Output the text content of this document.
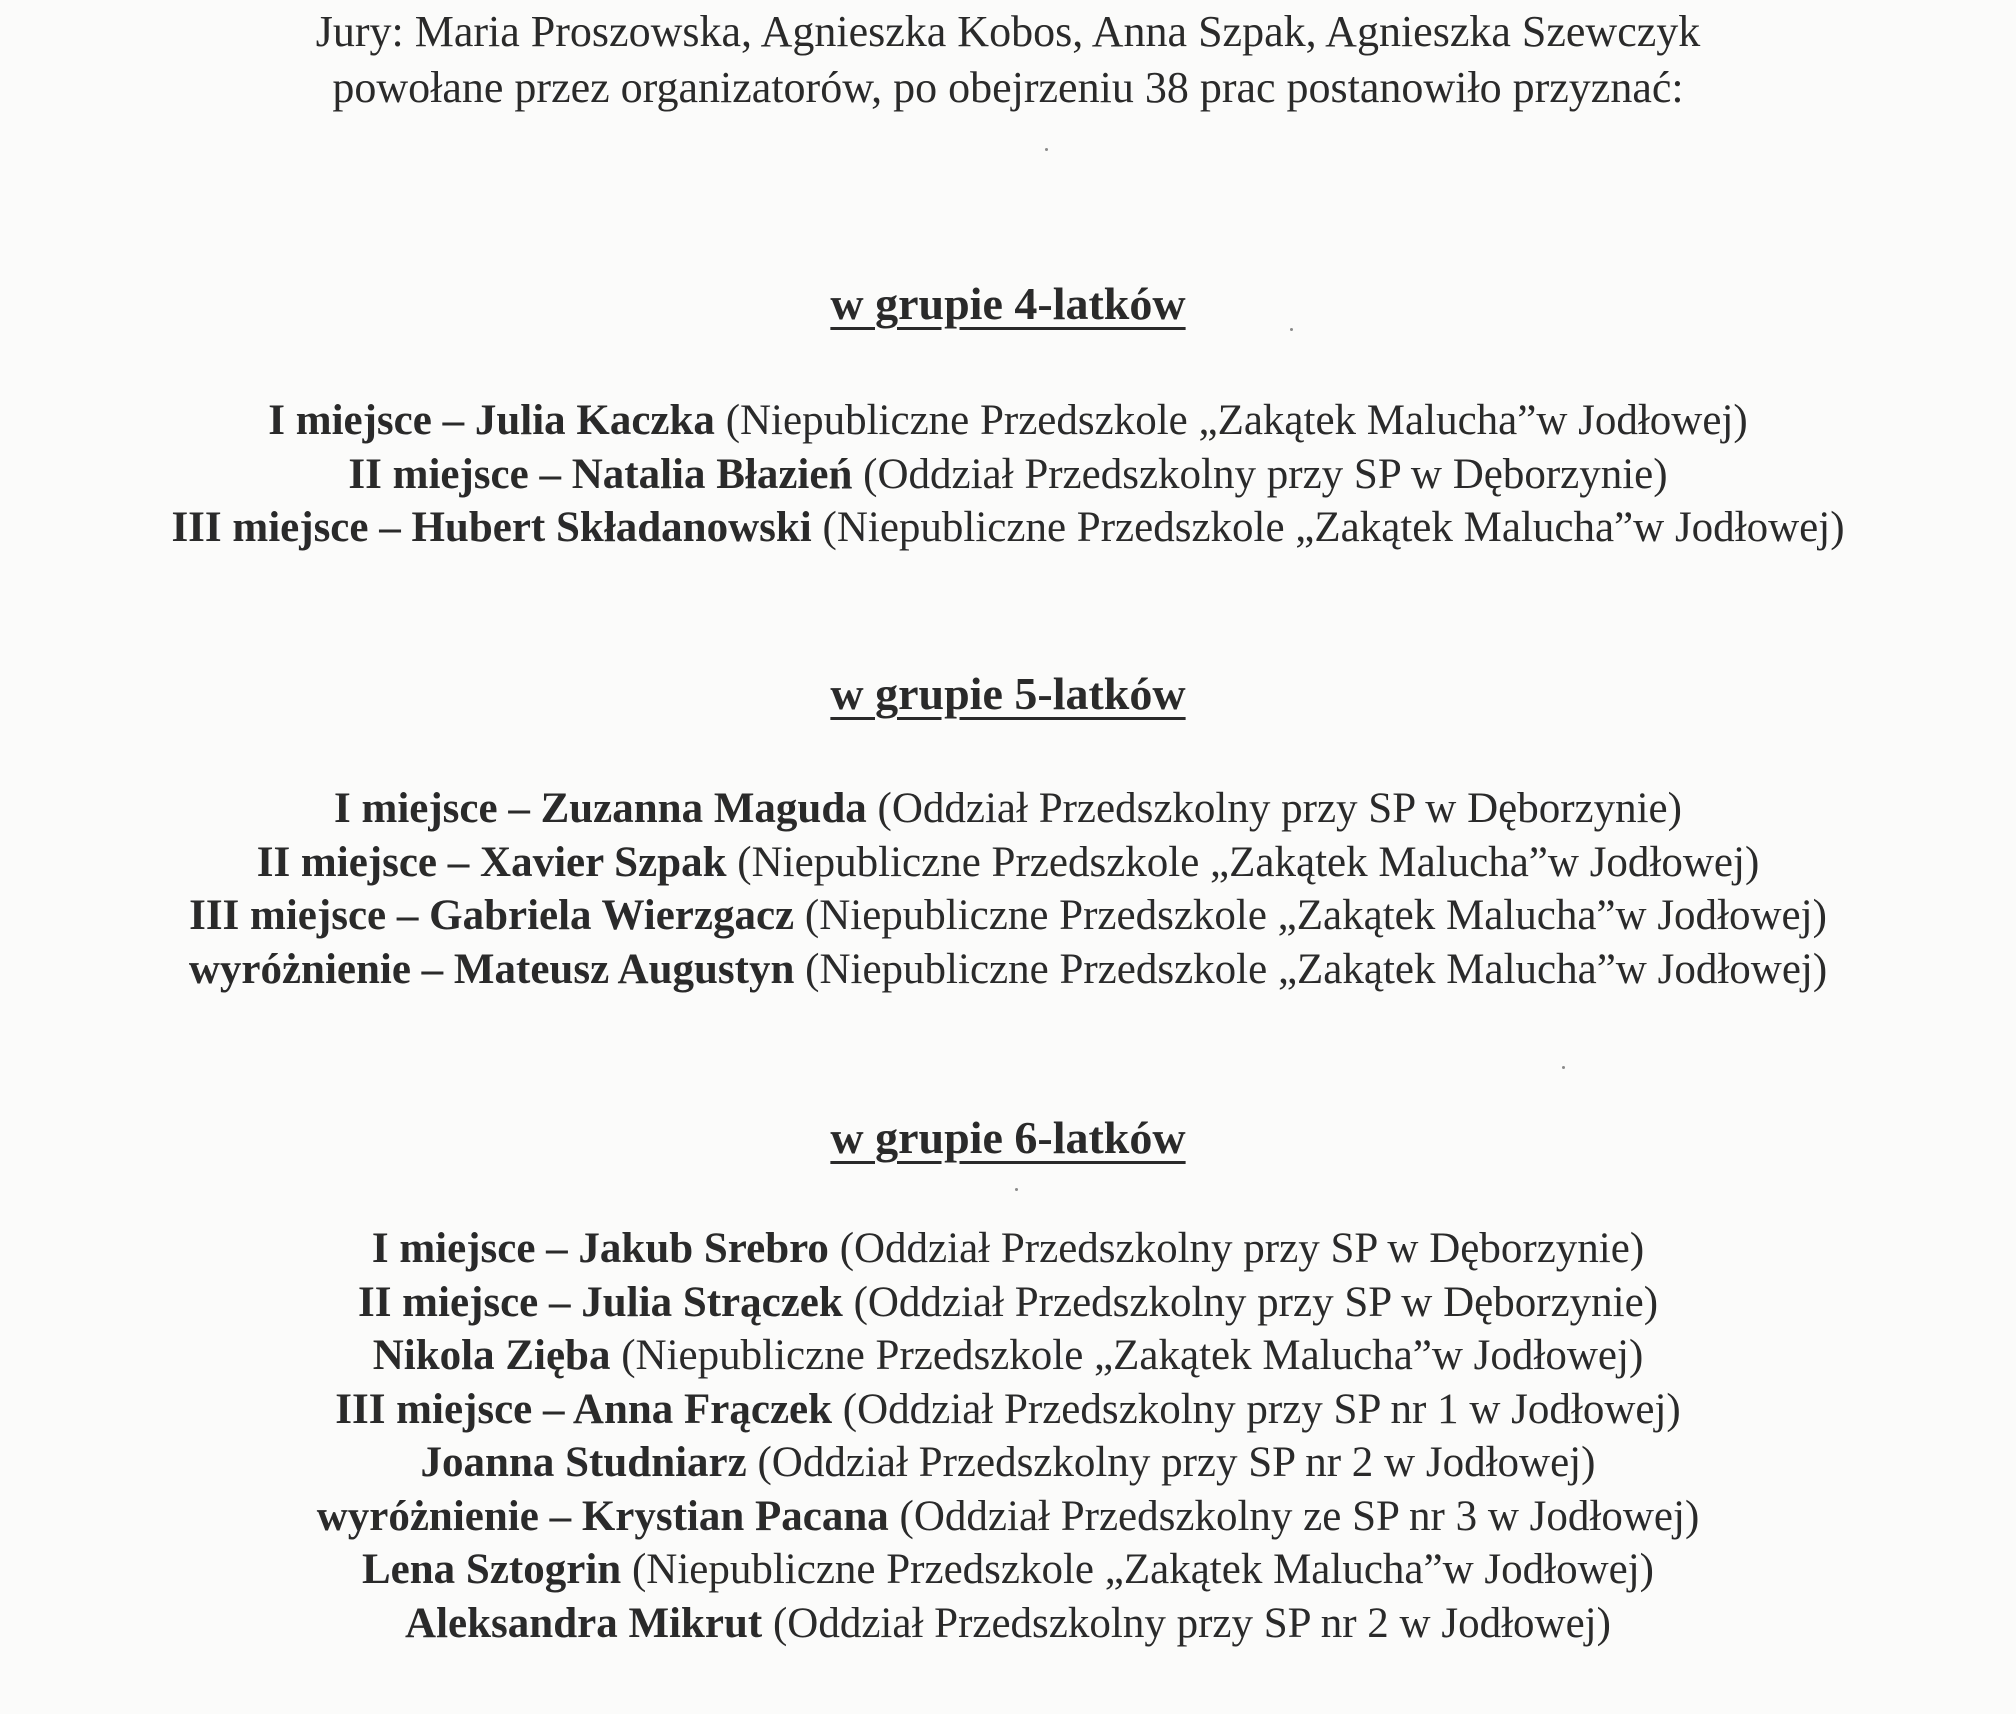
Jury: Maria Proszowska, Agnieszka Kobos, Anna Szpak, Agnieszka Szewczyk
powołane przez organizatorów, po obejrzeniu 38 prac postanowiło przyznać:
w grupie 4-latków
I miejsce – Julia Kaczka (Niepubliczne Przedszkole „Zakątek Malucha”w Jodłowej)
II miejsce – Natalia Błazień (Oddział Przedszkolny przy SP w Dęborzynie)
III miejsce – Hubert Składanowski (Niepubliczne Przedszkole „Zakątek Malucha”w Jodłowej)
w grupie 5-latków
I miejsce – Zuzanna Maguda (Oddział Przedszkolny przy SP w Dęborzynie)
II miejsce – Xavier Szpak (Niepubliczne Przedszkole „Zakątek Malucha”w Jodłowej)
III miejsce – Gabriela Wierzgacz (Niepubliczne Przedszkole „Zakątek Malucha”w Jodłowej)
wyróżnienie – Mateusz Augustyn (Niepubliczne Przedszkole „Zakątek Malucha”w Jodłowej)
w grupie 6-latków
I miejsce – Jakub Srebro (Oddział Przedszkolny przy SP w Dęborzynie)
II miejsce – Julia Strączek (Oddział Przedszkolny przy SP w Dęborzynie)
Nikola Zięba (Niepubliczne Przedszkole „Zakątek Malucha”w Jodłowej)
III miejsce – Anna Frączek (Oddział Przedszkolny przy SP nr 1 w Jodłowej)
Joanna Studniarz (Oddział Przedszkolny przy SP nr 2 w Jodłowej)
wyróżnienie – Krystian Pacana (Oddział Przedszkolny ze SP nr 3 w Jodłowej)
Lena Sztogrin (Niepubliczne Przedszkole „Zakątek Malucha”w Jodłowej)
Aleksandra Mikrut (Oddział Przedszkolny przy SP nr 2 w Jodłowej)
